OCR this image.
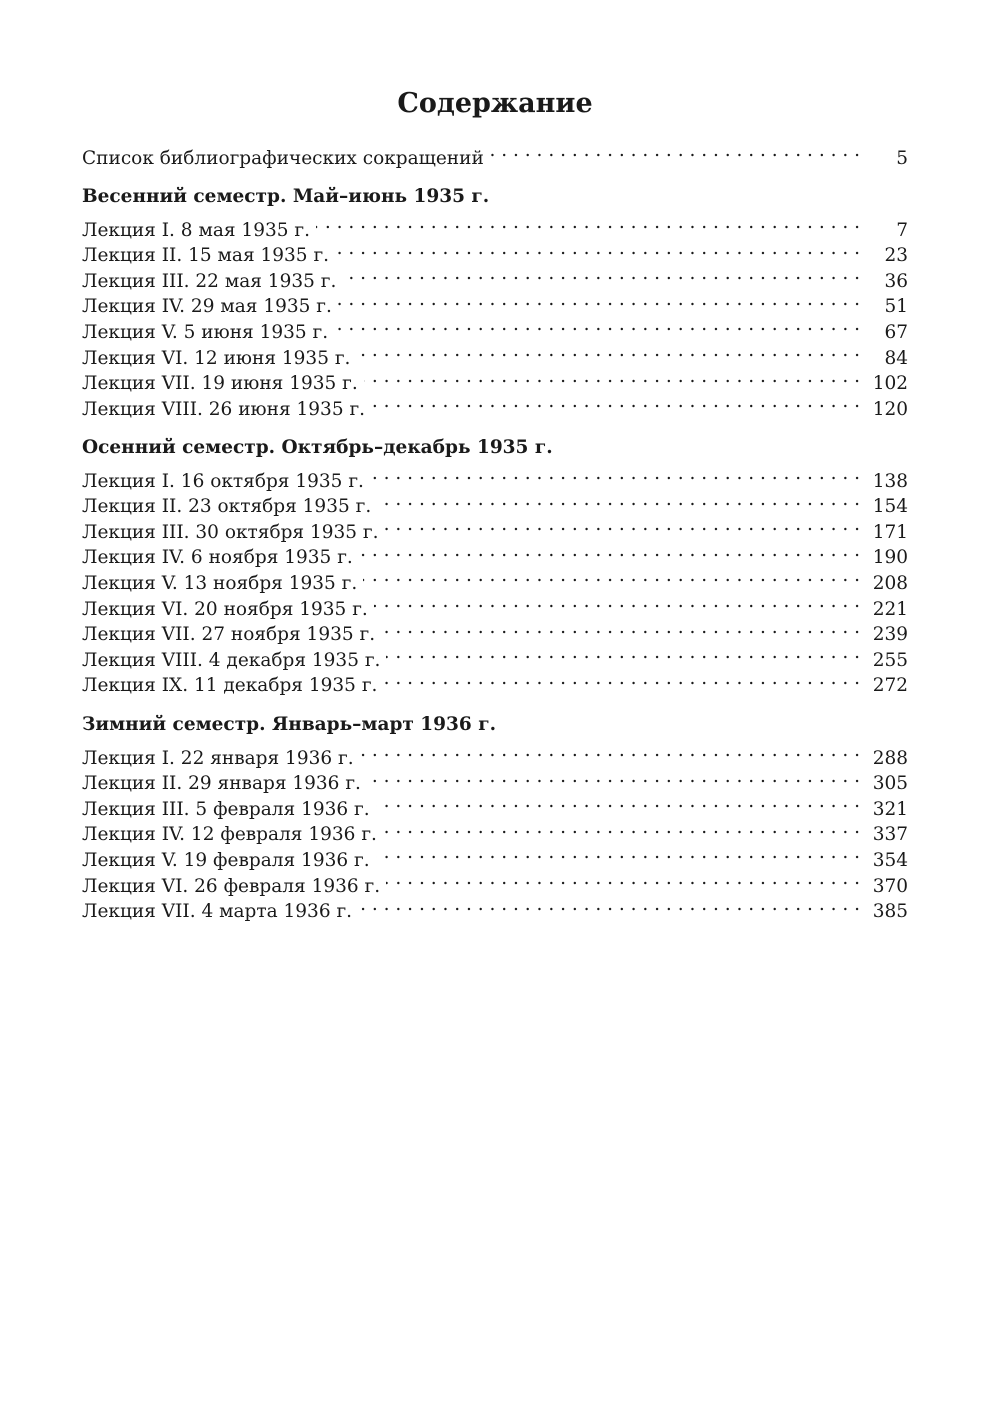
Содержание
Список библиографических сокращений . . .	5
Весенний семестр. Май–июнь 1935 г.
Лекция I. 8 мая 1935 г. . . .	7
Лекция II. 15 мая 1935 г. . . .	23
Лекция III. 22 мая 1935 г. . . .	36
Лекция IV. 29 мая 1935 г. . . .	51
Лекция V. 5 июня 1935 г. . . .	67
Лекция VI. 12 июня 1935 г. . . .	84
Лекция VII. 19 июня 1935 г. . . .	102
Лекция VIII. 26 июня 1935 г. . . .	120
Осенний семестр. Октябрь–декабрь 1935 г.
Лекция I. 16 октября 1935 г. . . .	138
Лекция II. 23 октября 1935 г. . . .	154
Лекция III. 30 октября 1935 г. . . .	171
Лекция IV. 6 ноября 1935 г. . . .	190
Лекция V. 13 ноября 1935 г. . . .	208
Лекция VI. 20 ноября 1935 г. . . .	221
Лекция VII. 27 ноября 1935 г. . . .	239
Лекция VIII. 4 декабря 1935 г. . . .	255
Лекция IX. 11 декабря 1935 г. . . .	272
Зимний семестр. Январь–март 1936 г.
Лекция I. 22 января 1936 г. . . .	288
Лекция II. 29 января 1936 г. . . .	305
Лекция III. 5 февраля 1936 г. . . .	321
Лекция IV. 12 февраля 1936 г. . . .	337
Лекция V. 19 февраля 1936 г. . . .	354
Лекция VI. 26 февраля 1936 г. . . .	370
Лекция VII. 4 марта 1936 г. . . .	385
